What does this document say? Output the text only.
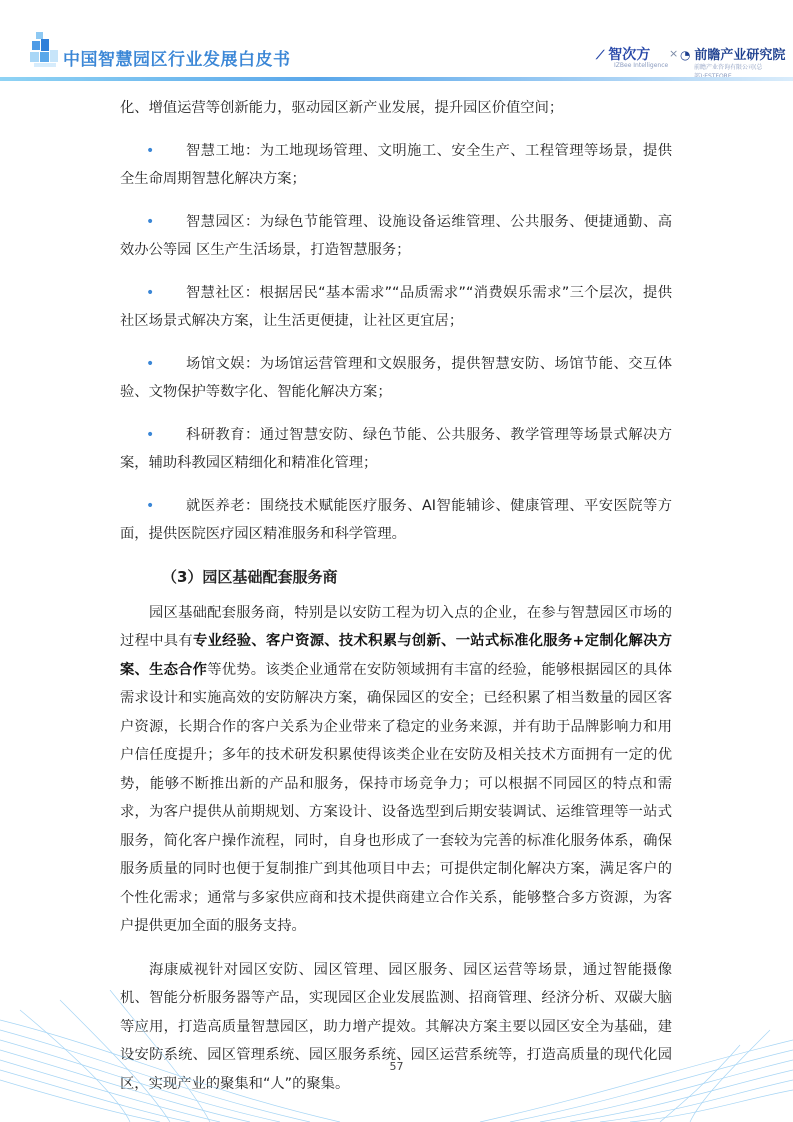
中国智慧园区行业发展白皮书	⟋ 智次方
IZBee Intelligence
× ◔ 前瞻产业研究院
前瞻产业咨询有限公司(总

化、增值运营等创新能力，驱动园区新产业发展，提升园区价值空间；

•	智慧工地：为工地现场管理、文明施工、安全生产、工程管理等场景，提供全生命周期智慧化解决方案；

•	智慧园区：为绿色节能管理、设施设备运维管理、公共服务、便捷通勤、高效办公等园 区生产生活场景，打造智慧服务；

•	智慧社区：根据居民“基本需求”“品质需求”“消费娱乐需求”三个层次，提供社区场景式解决方案，让生活更便捷，让社区更宜居；

•	场馆文娱：为场馆运营管理和文娱服务，提供智慧安防、场馆节能、交互体验、文物保护等数字化、智能化解决方案；

•	科研教育：通过智慧安防、绿色节能、公共服务、教学管理等场景式解决方案，辅助科教园区精细化和精准化管理；

•	就医养老：围绕技术赋能医疗服务、AI智能辅诊、健康管理、平安医院等方面，提供医院医疗园区精准服务和科学管理。

（3）园区基础配套服务商

园区基础配套服务商，特别是以安防工程为切入点的企业，在参与智慧园区市场的过程中具有专业经验、客户资源、技术积累与创新、一站式标准化服务+定制化解决方案、生态合作等优势。该类企业通常在安防领域拥有丰富的经验，能够根据园区的具体需求设计和实施高效的安防解决方案，确保园区的安全；已经积累了相当数量的园区客户资源，长期合作的客户关系为企业带来了稳定的业务来源，并有助于品牌影响力和用户信任度提升；多年的技术研发积累使得该类企业在安防及相关技术方面拥有一定的优势，能够不断推出新的产品和服务，保持市场竞争力；可以根据不同园区的特点和需求，为客户提供从前期规划、方案设计、设备选型到后期安装调试、运维管理等一站式服务，简化客户操作流程，同时，自身也形成了一套较为完善的标准化服务体系，确保服务质量的同时也便于复制推广到其他项目中去；可提供定制化解决方案，满足客户的个性化需求；通常与多家供应商和技术提供商建立合作关系，能够整合多方资源，为客户提供更加全面的服务支持。

海康威视针对园区安防、园区管理、园区服务、园区运营等场景，通过智能摄像机、智能分析服务器等产品，实现园区企业发展监测、招商管理、经济分析、双碳大脑等应用，打造高质量智慧园区，助力增产提效。其解决方案主要以园区安全为基础，建设安防系统、园区管理系统、园区服务系统、园区运营系统等，打造高质量的现代化园区，实现产业的聚集和“人”的聚集。

57
